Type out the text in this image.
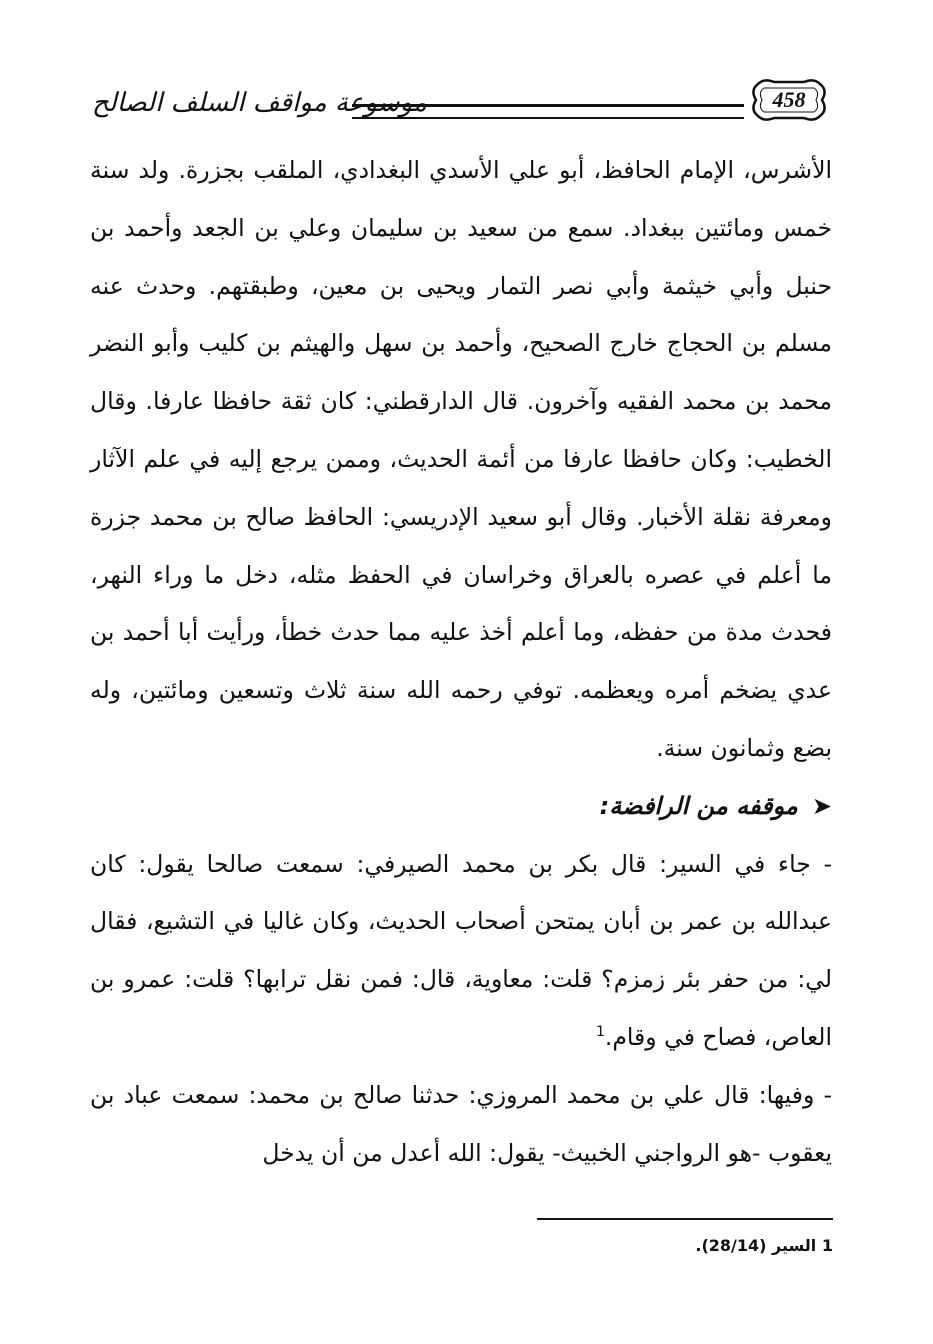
موسوعة مواقف السلف الصالح	458

الأشرس، الإمام الحافظ، أبو علي الأسدي البغدادي، الملقب بجزرة. ولد سنة خمس ومائتين ببغداد. سمع من سعيد بن سليمان وعلي بن الجعد وأحمد بن حنبل وأبي خيثمة وأبي نصر التمار ويحيى بن معين، وطبقتهم. وحدث عنه مسلم بن الحجاج خارج الصحيح، وأحمد بن سهل والهيثم بن كليب وأبو النضر محمد بن محمد الفقيه وآخرون. قال الدارقطني: كان ثقة حافظا عارفا. وقال الخطيب: وكان حافظا عارفا من أئمة الحديث، وممن يرجع إليه في علم الآثار ومعرفة نقلة الأخبار. وقال أبو سعيد الإدريسي: الحافظ صالح بن محمد جزرة ما أعلم في عصره بالعراق وخراسان في الحفظ مثله، دخل ما وراء النهر، فحدث مدة من حفظه، وما أعلم أخذ عليه مما حدث خطأ، ورأيت أبا أحمد بن عدي يضخم أمره ويعظمه. توفي رحمه الله سنة ثلاث وتسعين ومائتين، وله بضع وثمانون سنة.

➤موقفه من الرافضة:

- جاء في السير: قال بكر بن محمد الصيرفي: سمعت صالحا يقول: كان عبدالله بن عمر بن أبان يمتحن أصحاب الحديث، وكان غاليا في التشيع، فقال لي: من حفر بئر زمزم؟ قلت: معاوية، قال: فمن نقل ترابها؟ قلت: عمرو بن العاص، فصاح في وقام.$^1$

- وفيها: قال علي بن محمد المروزي: حدثنا صالح بن محمد: سمعت عباد بن يعقوب -هو الرواجني الخبيث- يقول: الله أعدل من أن يدخل

1 السير (28/14).
